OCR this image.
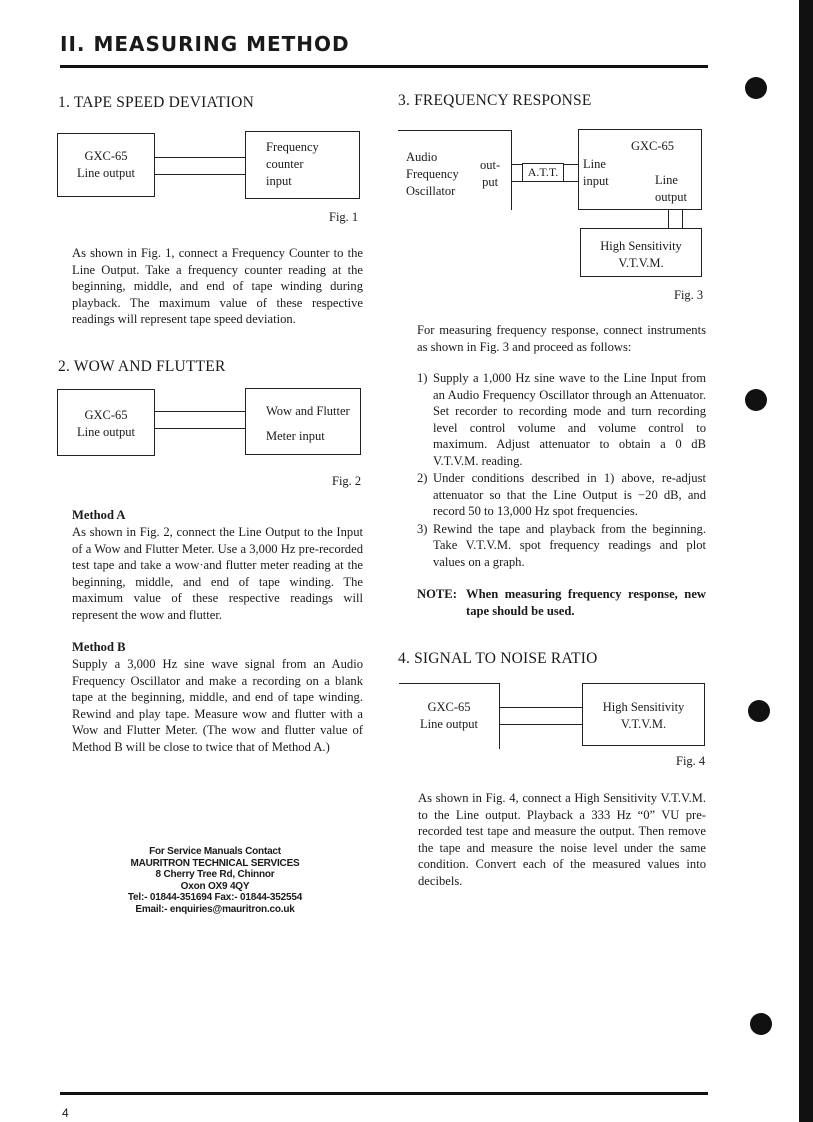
II. MEASURING METHOD
1. TAPE SPEED DEVIATION
GXC-65
Line output
Frequency
counter
input
Fig. 1
As shown in Fig. 1, connect a Frequency Counter to the Line Output. Take a frequency counter reading at the beginning, middle, and end of tape winding during playback. The maximum value of these respective readings will represent tape speed deviation.
2. WOW AND FLUTTER
GXC-65
Line output
Wow and Flutter
Meter input
Fig. 2
Method A
As shown in Fig. 2, connect the Line Output to the Input of a Wow and Flutter Meter. Use a 3,000 Hz pre-recorded test tape and take a wow·and flutter meter reading at the beginning, middle, and end of tape winding. The maximum value of these respective readings will represent the wow and flutter.
Method B
Supply a 3,000 Hz sine wave signal from an Audio Frequency Oscillator and make a recording on a blank tape at the beginning, middle, and end of tape winding. Rewind and play tape. Measure wow and flutter with a Wow and Flutter Meter. (The wow and flutter value of Method B will be close to twice that of Method A.)
For Service Manuals Contact
MAURITRON TECHNICAL SERVICES
8 Cherry Tree Rd, Chinnor
Oxon OX9 4QY
Tel:- 01844-351694 Fax:- 01844-352554
Email:- enquiries@mauritron.co.uk
3. FREQUENCY RESPONSE
Audio
Frequency
Oscillator
out-
put
A.T.T.
GXC-65
Line
input	Line
output
High Sensitivity
V.T.V.M.
Fig. 3
For measuring frequency response, connect instruments as shown in Fig. 3 and proceed as follows:
1) Supply a 1,000 Hz sine wave to the Line Input from an Audio Frequency Oscillator through an Attenuator. Set recorder to recording mode and turn recording level control volume and volume control to maximum. Adjust attenuator to obtain a 0 dB V.T.V.M. reading.
2) Under conditions described in 1) above, re-adjust attenuator so that the Line Output is −20 dB, and record 50 to 13,000 Hz spot frequencies.
3) Rewind the tape and playback from the beginning. Take V.T.V.M. spot frequency readings and plot values on a graph.
NOTE: When measuring frequency response, new tape should be used.
4. SIGNAL TO NOISE RATIO
GXC-65
Line output
High Sensitivity
V.T.V.M.
Fig. 4
As shown in Fig. 4, connect a High Sensitivity V.T.V.M. to the Line output. Playback a 333 Hz “0” VU pre-recorded test tape and measure the output. Then remove the tape and measure the noise level under the same condition. Convert each of the measured values into decibels.
4
